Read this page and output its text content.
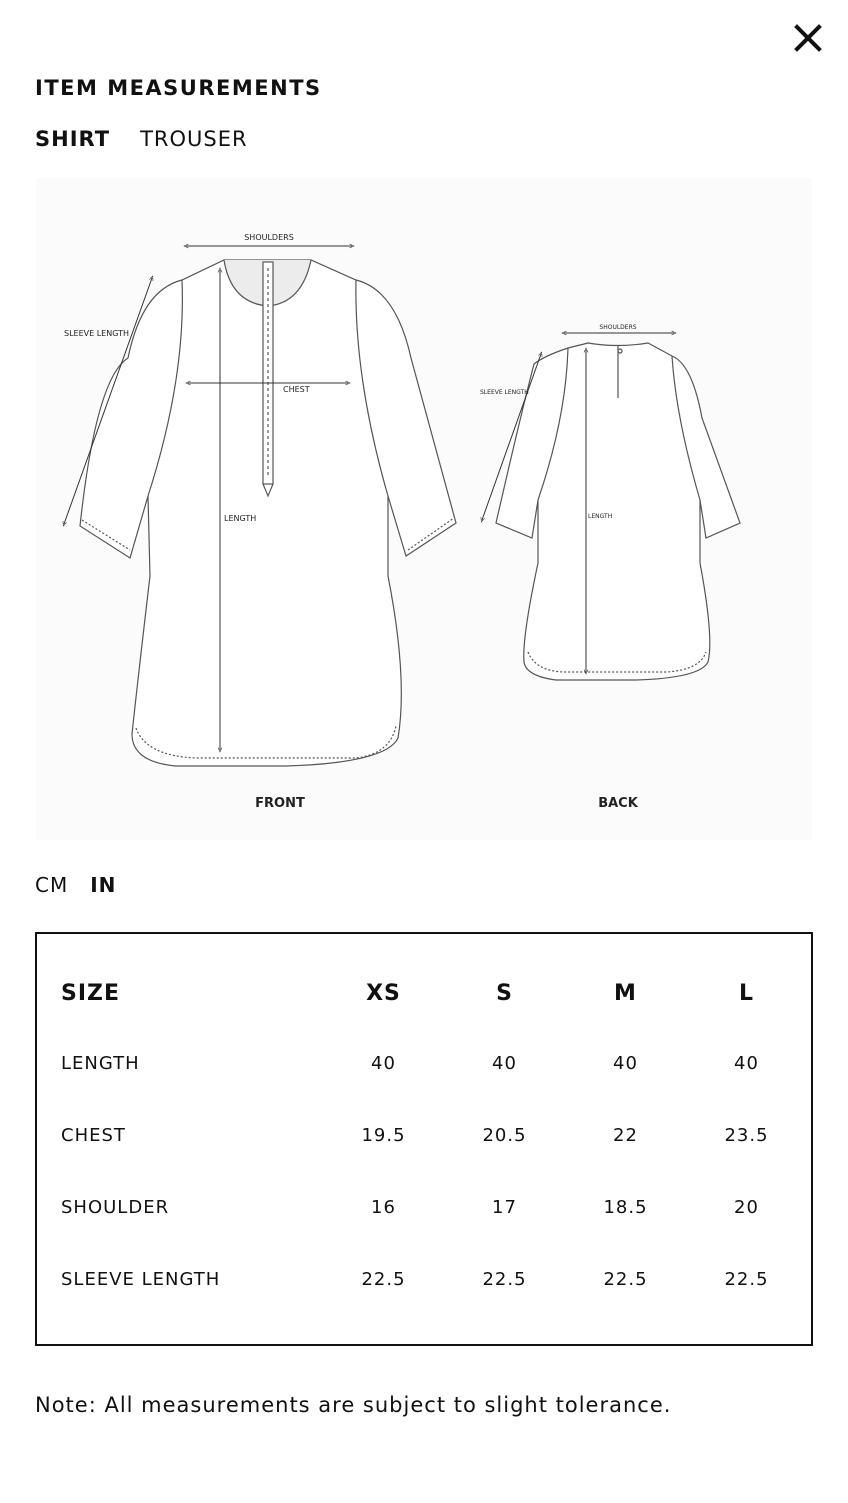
ITEM MEASUREMENTS
SHIRT TROUSER
SHOULDERS
CHEST
LENGTH
SLEEVE LENGTH
FRONT
SHOULDERS
LENGTH
SLEEVE LENGTH
BACK
CM IN
SIZE	XS	S	M	L
LENGTH	40	40	40	40
CHEST	19.5	20.5	22	23.5
SHOULDER	16	17	18.5	20
SLEEVE LENGTH	22.5	22.5	22.5	22.5
Note: All measurements are subject to slight tolerance.
